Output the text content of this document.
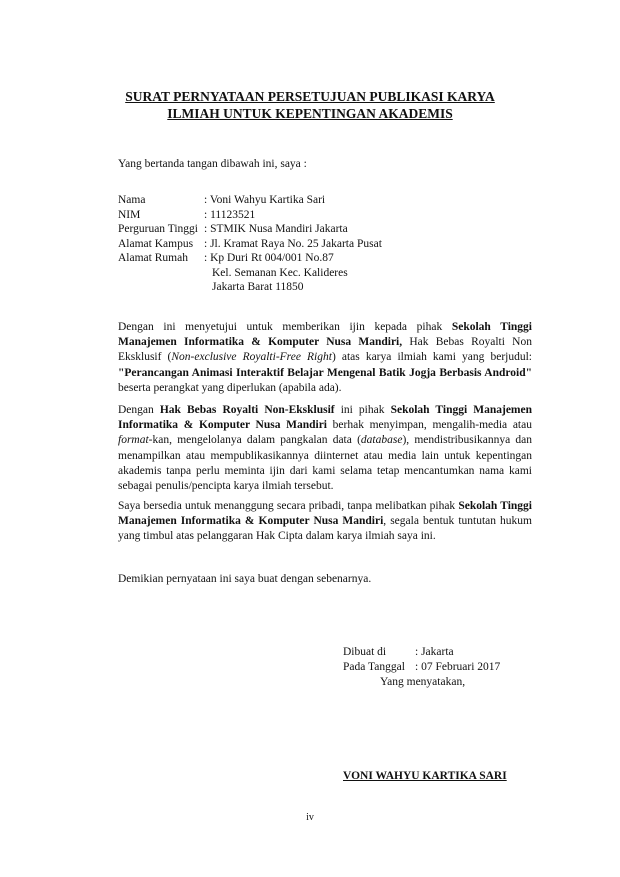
SURAT PERNYATAAN PERSETUJUAN PUBLIKASI KARYA
ILMIAH UNTUK KEPENTINGAN AKADEMIS
Yang bertanda tangan dibawah ini, saya :
Nama	: Voni Wahyu Kartika Sari
NIM	: 11123521
Perguruan Tinggi : STMIK Nusa Mandiri Jakarta
Alamat Kampus : Jl. Kramat Raya No. 25 Jakarta Pusat
Alamat Rumah	: Kp Duri Rt 004/001 No.87
Kel. Semanan Kec. Kalideres
Jakarta Barat 11850

Dengan ini menyetujui untuk memberikan ijin kepada pihak Sekolah Tinggi Manajemen Informatika & Komputer Nusa Mandiri, Hak Bebas Royalti Non Eksklusif (Non-exclusive Royalti-Free Right) atas karya ilmiah kami yang berjudul: "Perancangan Animasi Interaktif Belajar Mengenal Batik Jogja Berbasis Android" beserta perangkat yang diperlukan (apabila ada).

Dengan Hak Bebas Royalti Non-Eksklusif ini pihak Sekolah Tinggi Manajemen Informatika & Komputer Nusa Mandiri berhak menyimpan, mengalih-media atau format-kan, mengelolanya dalam pangkalan data (database), mendistribusikannya dan menampilkan atau mempublikasikannya diinternet atau media lain untuk kepentingan akademis tanpa perlu meminta ijin dari kami selama tetap mencantumkan nama kami sebagai penulis/pencipta karya ilmiah tersebut.

Saya bersedia untuk menanggung secara pribadi, tanpa melibatkan pihak Sekolah Tinggi Manajemen Informatika & Komputer Nusa Mandiri, segala bentuk tuntutan hukum yang timbul atas pelanggaran Hak Cipta dalam karya ilmiah saya ini.

Demikian pernyataan ini saya buat dengan sebenarnya.

Dibuat di	: Jakarta
Pada Tanggal : 07 Februari 2017
Yang menyatakan,
VONI WAHYU KARTIKA SARI
iv
